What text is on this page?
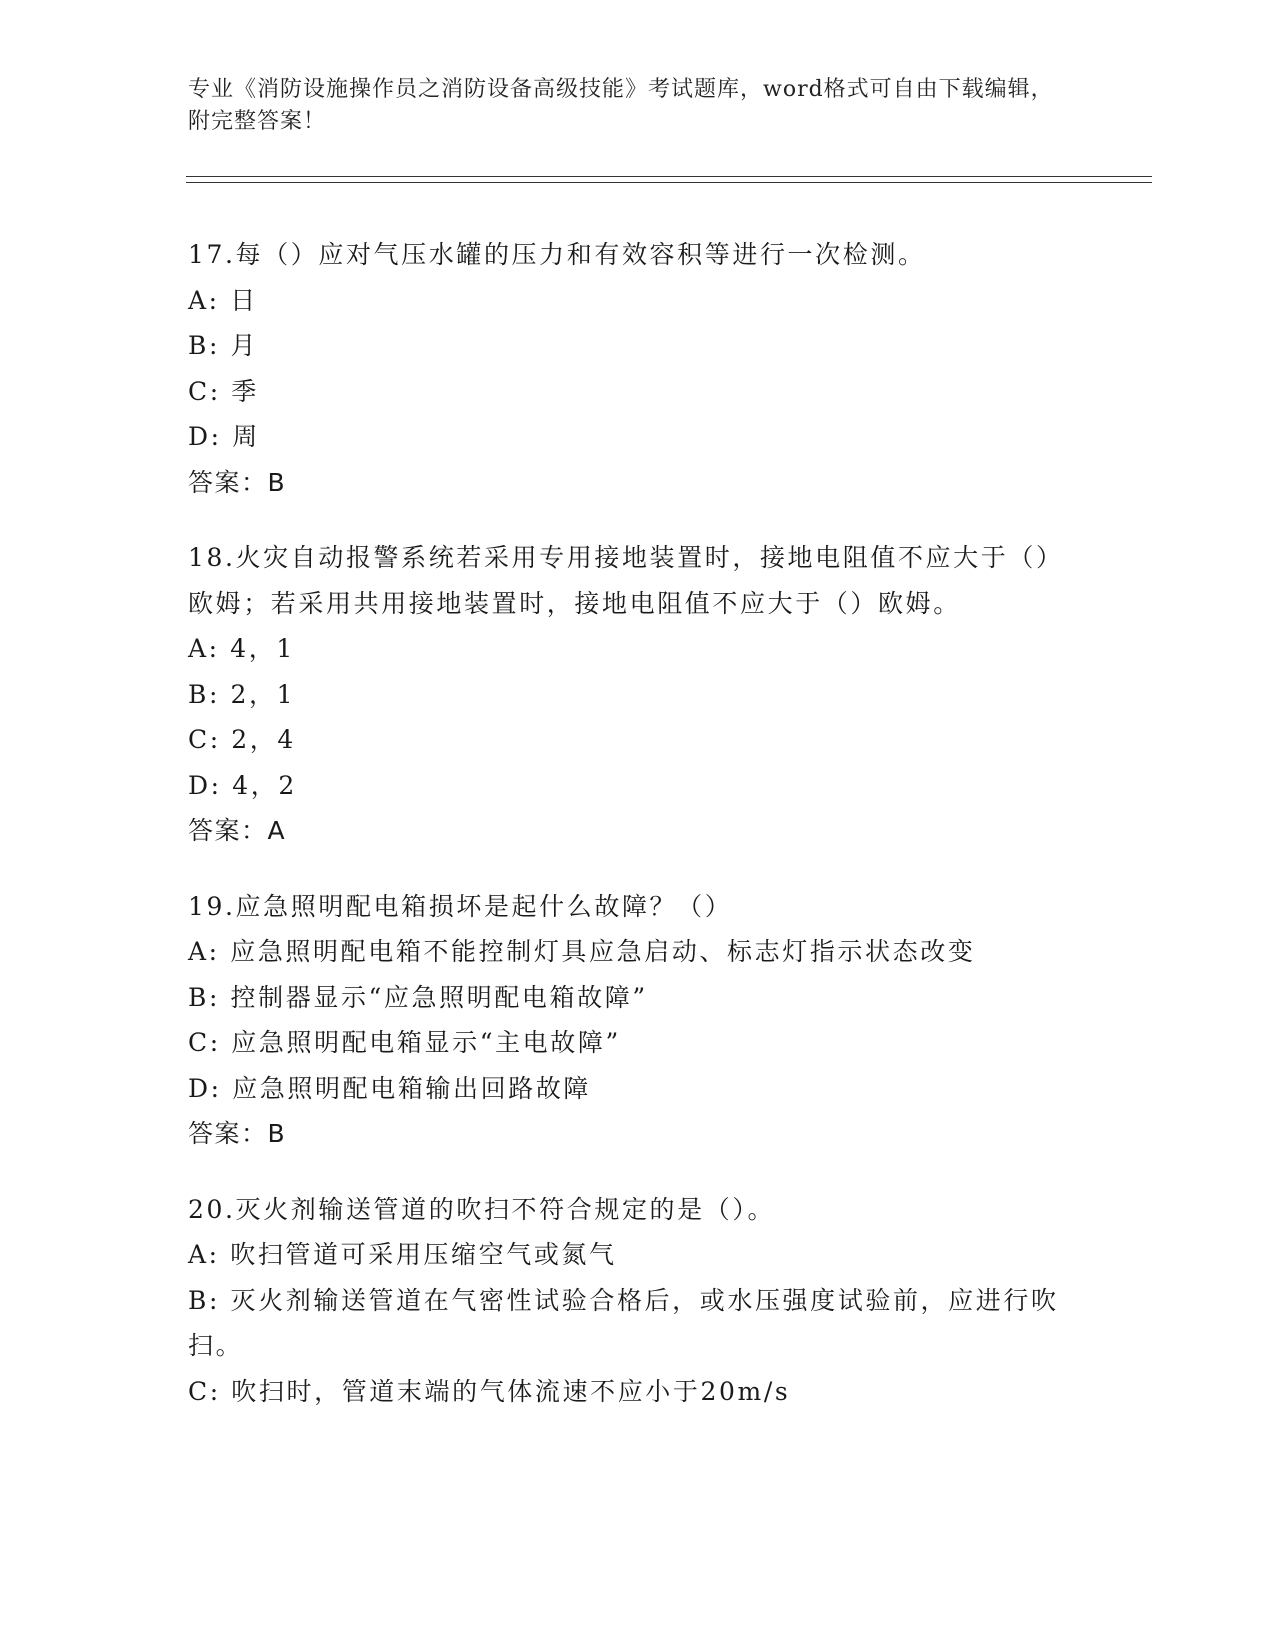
专业《消防设施操作员之消防设备高级技能》考试题库，word格式可自由下载编辑，附完整答案！
17.每（）应对气压水罐的压力和有效容积等进行一次检测。
A: 日
B: 月
C: 季
D: 周
答案：B
18.火灾自动报警系统若采用专用接地装置时，接地电阻值不应大于（）欧姆；若采用共用接地装置时，接地电阻值不应大于（）欧姆。
A: 4，1
B: 2，1
C: 2，4
D: 4，2
答案：A
19.应急照明配电箱损坏是起什么故障？（）
A: 应急照明配电箱不能控制灯具应急启动、标志灯指示状态改变
B: 控制器显示“应急照明配电箱故障”
C: 应急照明配电箱显示“主电故障”
D: 应急照明配电箱输出回路故障
答案：B
20.灭火剂输送管道的吹扫不符合规定的是（）。
A: 吹扫管道可采用压缩空气或氮气
B: 灭火剂输送管道在气密性试验合格后，或水压强度试验前，应进行吹扫。
C: 吹扫时，管道末端的气体流速不应小于20m/s
